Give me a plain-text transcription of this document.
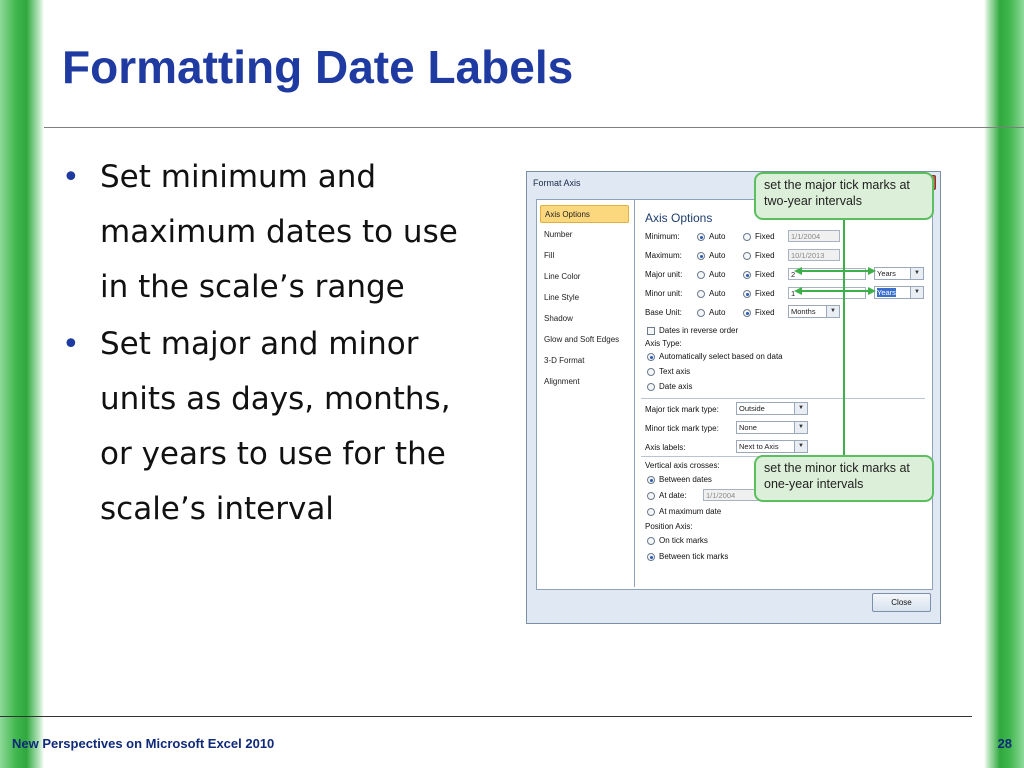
Formatting Date Labels
• Set minimum and maximum dates to use in the scale’s range
• Set major and minor units as days, months, or years to use for the scale’s interval
Format Axis
Axis Options
Number
Fill
Line Color
Line Style
Shadow
Glow and Soft Edges
3-D Format
Alignment
Axis Options
Minimum:	Auto	Fixed	1/1/2004
Maximum:	Auto	Fixed	10/1/2013
Major unit:	Auto	Fixed	2	Years	▼
Minor unit:	Auto	Fixed	1	Years	▼
Base Unit:	Auto	Fixed	Months	▼
Dates in reverse order
Axis Type:
Automatically select based on data
Text axis
Date axis
Major tick mark type:	Outside	▼
Minor tick mark type:	None	▼
Axis labels:	Next to Axis	▼
Vertical axis crosses:
Between dates
At date:	1/1/2004
At maximum date
Position Axis:
On tick marks
Between tick marks
Close
set the major tick marks at two-year intervals
set the minor tick marks at one-year intervals
New Perspectives on Microsoft Excel 2010	28
